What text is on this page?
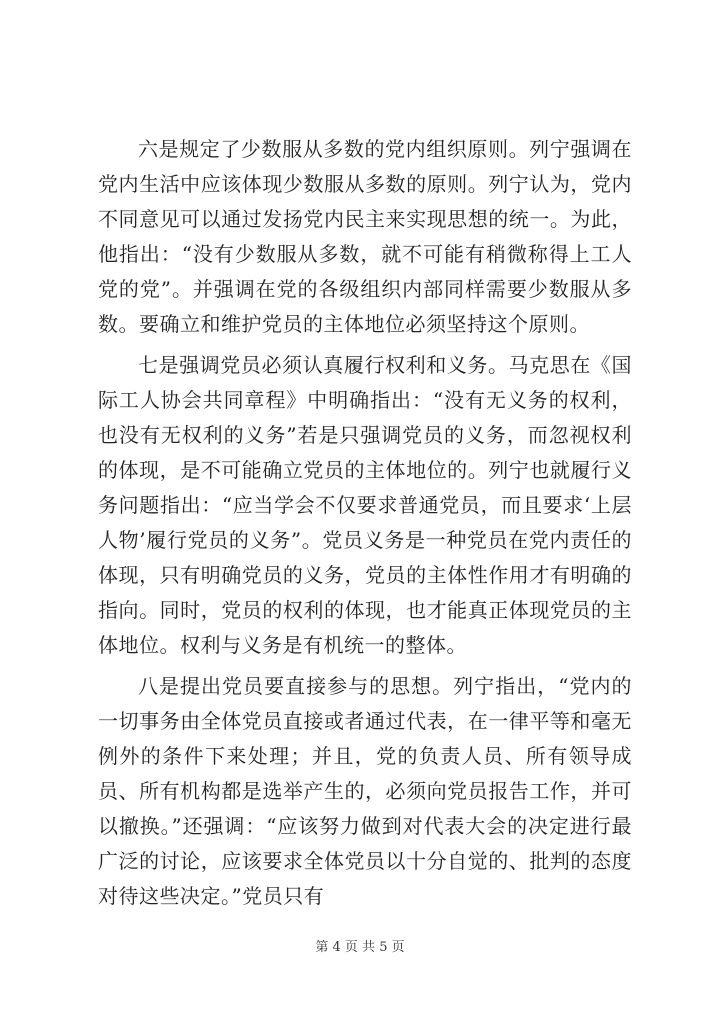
六是规定了少数服从多数的党内组织原则。列宁强调在党内生活中应该体现少数服从多数的原则。列宁认为，党内不同意见可以通过发扬党内民主来实现思想的统一。为此，他指出：“没有少数服从多数，就不可能有稍微称得上工人党的党”。并强调在党的各级组织内部同样需要少数服从多数。要确立和维护党员的主体地位必须坚持这个原则。

七是强调党员必须认真履行权利和义务。马克思在《国际工人协会共同章程》中明确指出：“没有无义务的权利，也没有无权利的义务”若是只强调党员的义务，而忽视权利的体现，是不可能确立党员的主体地位的。列宁也就履行义务问题指出：“应当学会不仅要求普通党员，而且要求‘上层人物’履行党员的义务”。党员义务是一种党员在党内责任的体现，只有明确党员的义务，党员的主体性作用才有明确的指向。同时，党员的权利的体现，也才能真正体现党员的主体地位。权利与义务是有机统一的整体。

八是提出党员要直接参与的思想。列宁指出，“党内的一切事务由全体党员直接或者通过代表，在一律平等和毫无例外的条件下来处理；并且，党的负责人员、所有领导成员、所有机构都是选举产生的，必须向党员报告工作，并可以撤换。”还强调：“应该努力做到对代表大会的决定进行最广泛的讨论，应该要求全体党员以十分自觉的、批判的态度对待这些决定。”党员只有

第 4 页 共 5 页
